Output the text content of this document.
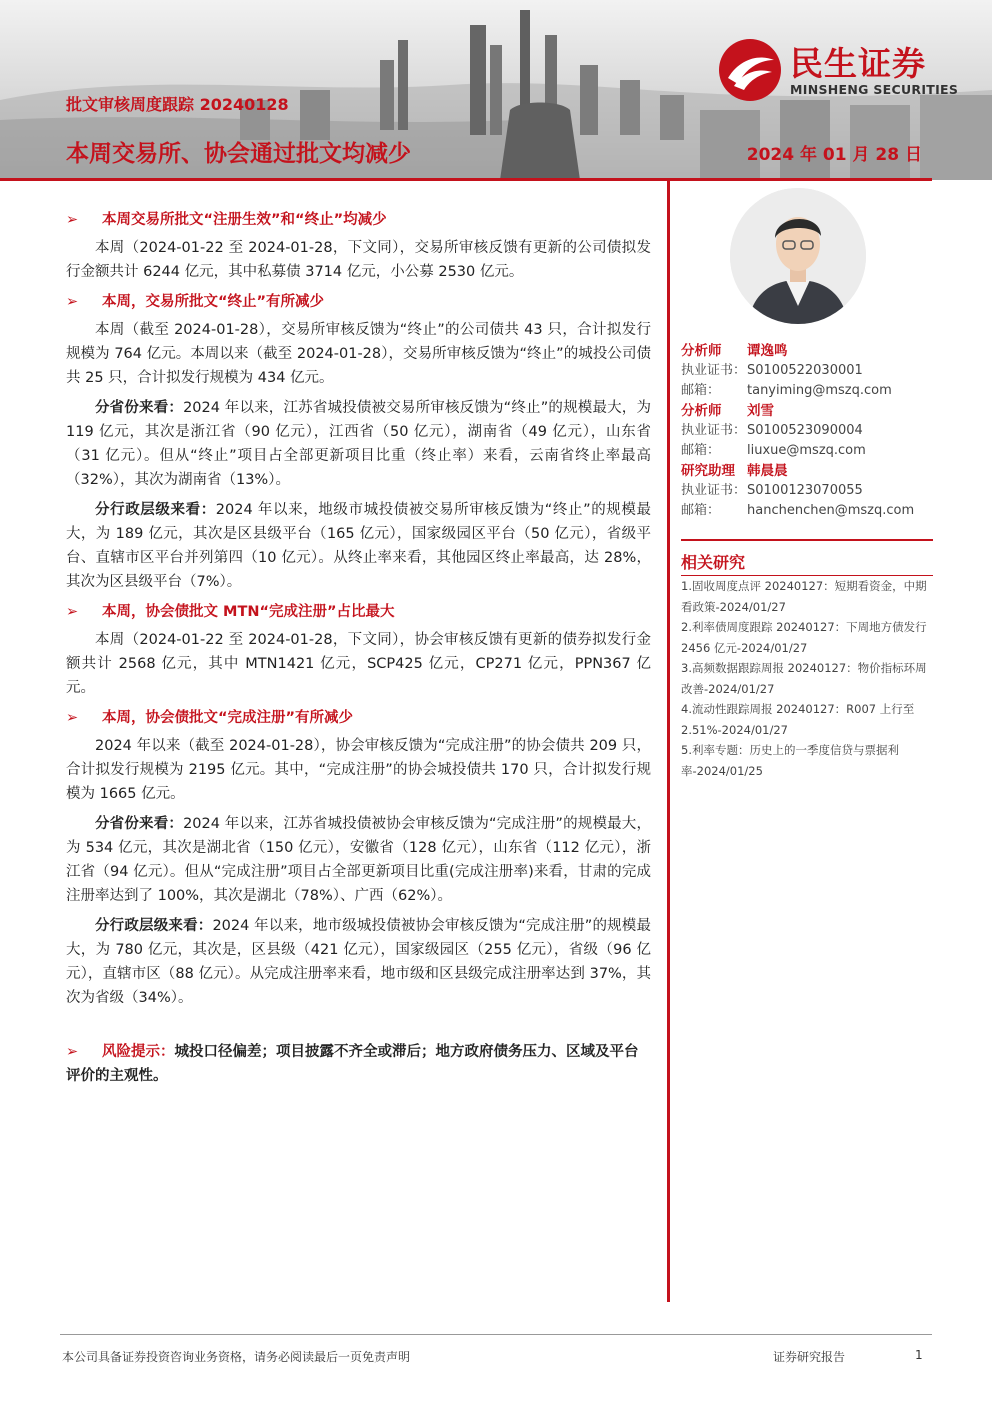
民生证券
MINSHENG SECURITIES
批文审核周度跟踪 20240128
本周交易所、协会通过批文均减少	2024 年 01 月 28 日
➢ 本周交易所批文“注册生效”和“终止”均减少
本周（2024-01-22 至 2024-01-28，下文同），交易所审核反馈有更新的公司债拟发行金额共计 6244 亿元，其中私募债 3714 亿元，小公募 2530 亿元。
➢ 本周，交易所批文“终止”有所减少
本周（截至 2024-01-28），交易所审核反馈为“终止”的公司债共 43 只，合计拟发行规模为 764 亿元。本周以来（截至 2024-01-28），交易所审核反馈为“终止”的城投公司债共 25 只，合计拟发行规模为 434 亿元。
分省份来看：2024 年以来，江苏省城投债被交易所审核反馈为“终止”的规模最大，为 119 亿元，其次是浙江省（90 亿元），江西省（50 亿元），湖南省（49 亿元），山东省（31 亿元）。但从“终止”项目占全部更新项目比重（终止率）来看，云南省终止率最高（32%），其次为湖南省（13%）。
分行政层级来看：2024 年以来，地级市城投债被交易所审核反馈为“终止”的规模最大，为 189 亿元，其次是区县级平台（165 亿元），国家级园区平台（50 亿元），省级平台、直辖市区平台并列第四（10 亿元）。从终止率来看，其他园区终止率最高，达 28%，其次为区县级平台（7%）。
➢ 本周，协会债批文 MTN“完成注册”占比最大
本周（2024-01-22 至 2024-01-28，下文同），协会审核反馈有更新的债券拟发行金额共计 2568 亿元，其中 MTN1421 亿元，SCP425 亿元，CP271 亿元，PPN367 亿元。
➢ 本周，协会债批文“完成注册”有所减少
2024 年以来（截至 2024-01-28），协会审核反馈为“完成注册”的协会债共 209 只，合计拟发行规模为 2195 亿元。其中，“完成注册”的协会城投债共 170 只，合计拟发行规模为 1665 亿元。
分省份来看：2024 年以来，江苏省城投债被协会审核反馈为“完成注册”的规模最大，为 534 亿元，其次是湖北省（150 亿元），安徽省（128 亿元），山东省（112 亿元），浙江省（94 亿元）。但从“完成注册”项目占全部更新项目比重(完成注册率)来看，甘肃的完成注册率达到了 100%，其次是湖北（78%）、广西（62%）。
分行政层级来看：2024 年以来，地市级城投债被协会审核反馈为“完成注册”的规模最大，为 780 亿元，其次是，区县级（421 亿元），国家级园区（255 亿元），省级（96 亿元），直辖市区（88 亿元）。从完成注册率来看，地市级和区县级完成注册率达到 37%，其次为省级（34%）。
➢ 风险提示：城投口径偏差；项目披露不齐全或滞后；地方政府债务压力、区域及平台评价的主观性。
分析师 谭逸鸣
执业证书：S0100522030001
邮箱： tanyiming@mszq.com
分析师 刘雪
执业证书：S0100523090004
邮箱： liuxue@mszq.com
研究助理 韩晨晨
执业证书：S0100123070055
邮箱： hanchenchen@mszq.com
相关研究
1.固收周度点评 20240127：短期看资金，中期看政策-2024/01/27
2.利率债周度跟踪 20240127：下周地方债发行 2456 亿元-2024/01/27
3.高频数据跟踪周报 20240127：物价指标环周改善-2024/01/27
4.流动性跟踪周报 20240127：R007 上行至 2.51%-2024/01/27
5.利率专题：历史上的一季度信贷与票据利率-2024/01/25
本公司具备证券投资咨询业务资格，请务必阅读最后一页免责声明	证券研究报告	1
